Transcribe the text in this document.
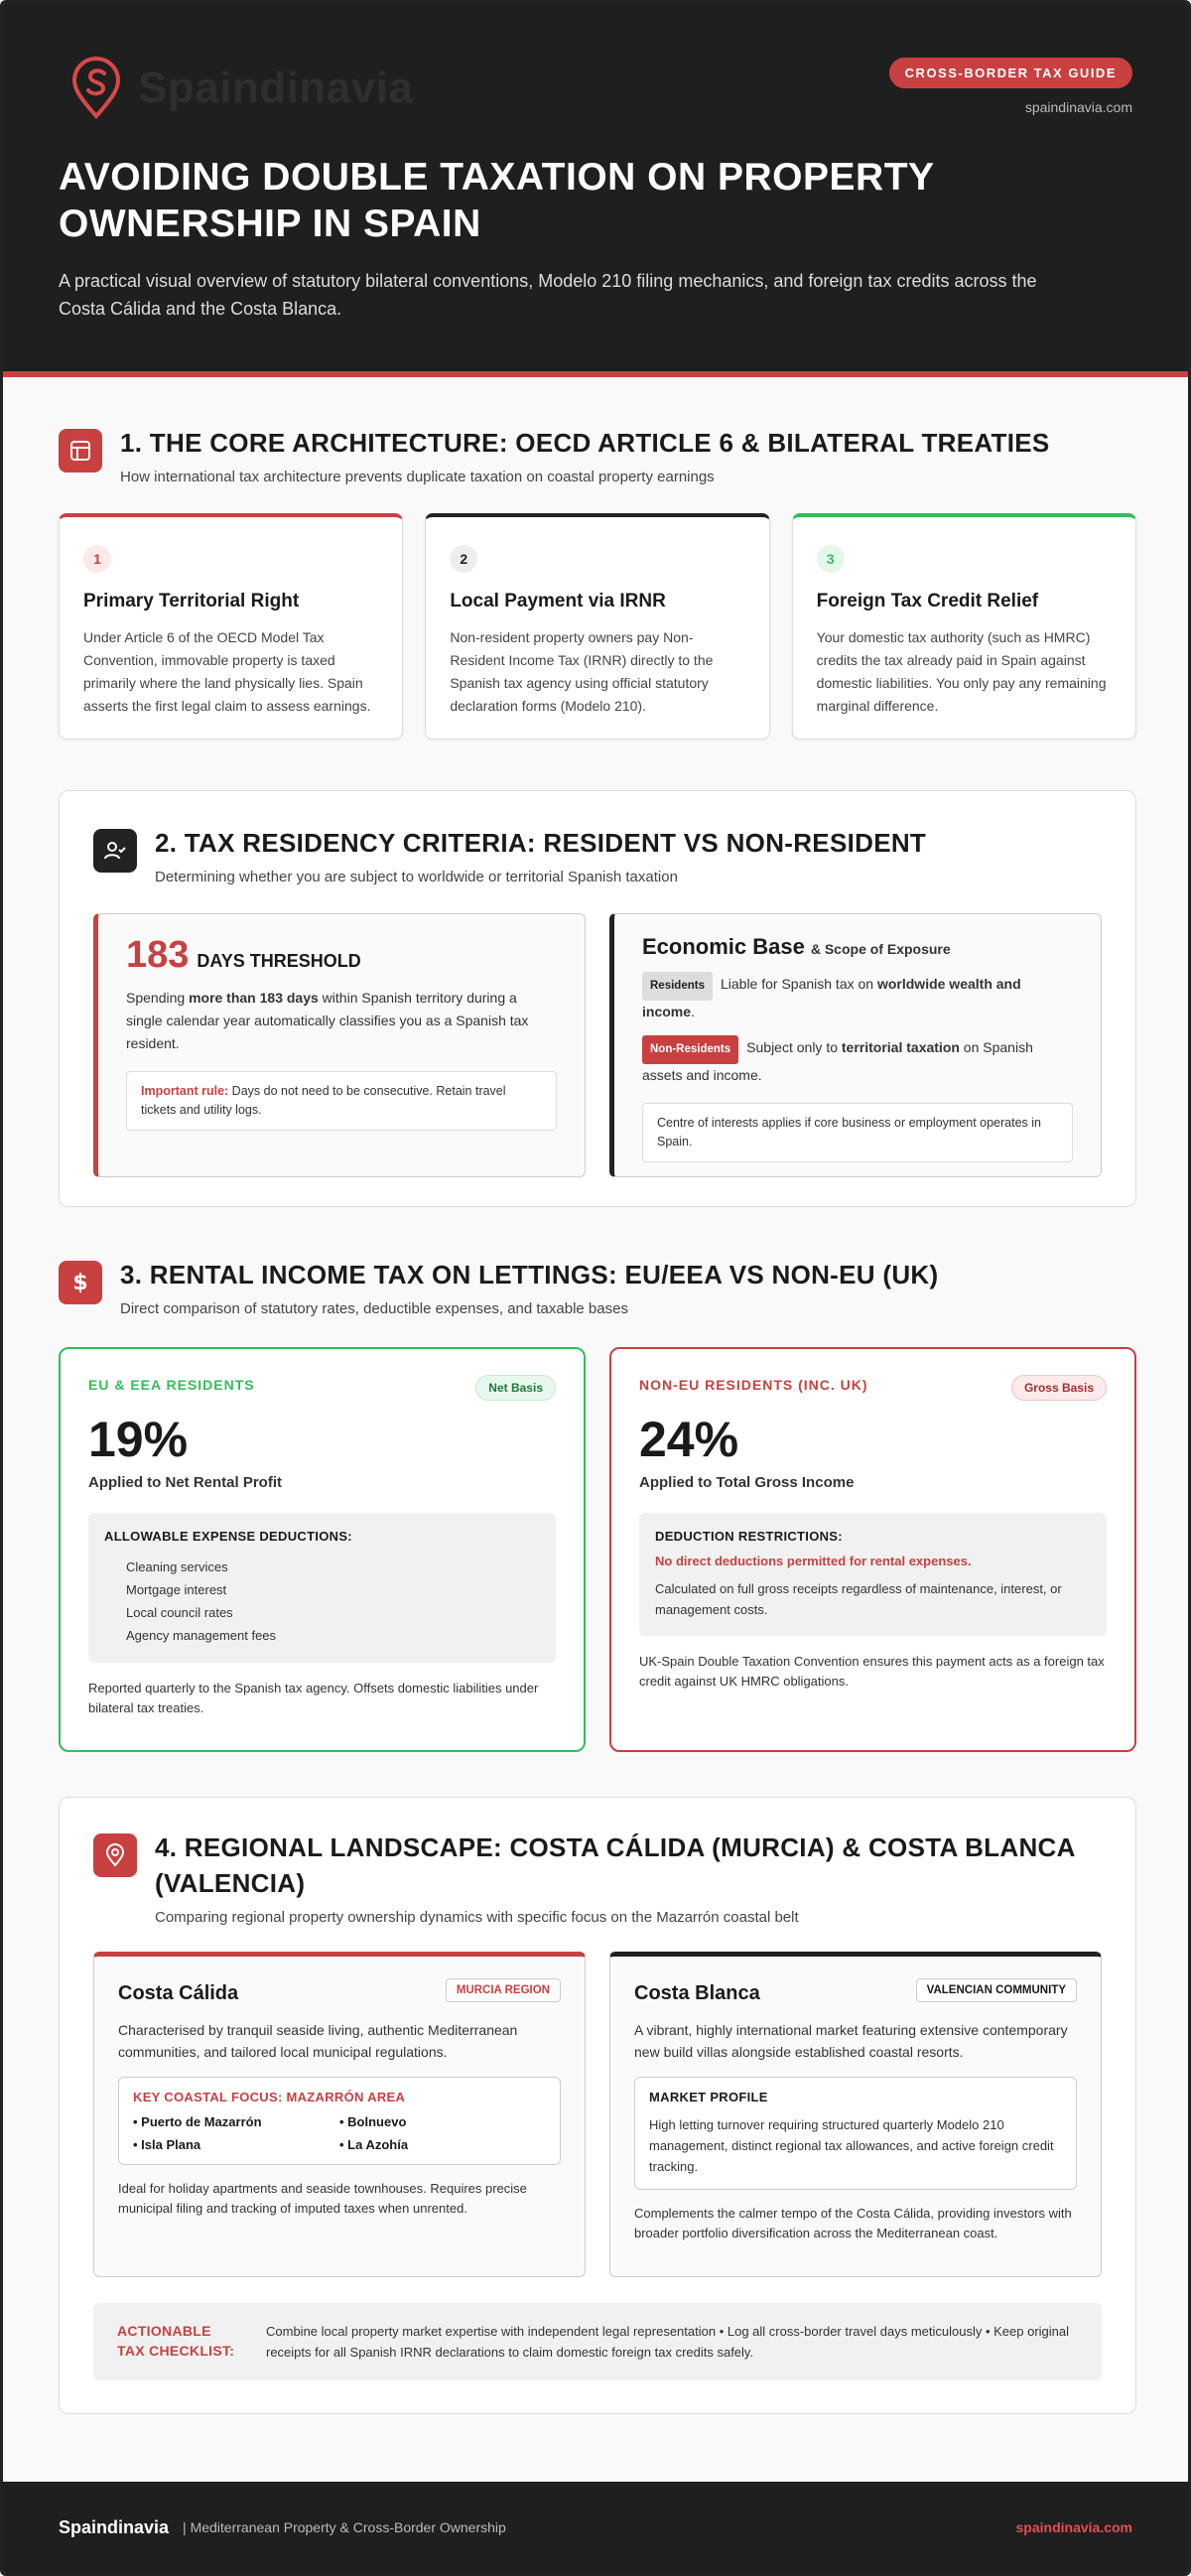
Spaindinavia	CROSS-BORDER TAX GUIDE
spaindinavia.com
AVOIDING DOUBLE TAXATION ON PROPERTY OWNERSHIP IN SPAIN

A practical visual overview of statutory bilateral conventions, Modelo 210 filing mechanics, and foreign tax credits across the Costa Cálida and the Costa Blanca.

1. THE CORE ARCHITECTURE: OECD ARTICLE 6 & BILATERAL TREATIES
How international tax architecture prevents duplicate taxation on coastal property earnings
1
Primary Territorial Right

Under Article 6 of the OECD Model Tax Convention, immovable property is taxed primarily where the land physically lies. Spain asserts the first legal claim to assess earnings.

2
Local Payment via IRNR

Non-resident property owners pay Non-Resident Income Tax (IRNR) directly to the Spanish tax agency using official statutory declaration forms (Modelo 210).

3
Foreign Tax Credit Relief

Your domestic tax authority (such as HMRC) credits the tax already paid in Spain against domestic liabilities. You only pay any remaining marginal difference.

2. TAX RESIDENCY CRITERIA: RESIDENT VS NON-RESIDENT
Determining whether you are subject to worldwide or territorial Spanish taxation
183 DAYS THRESHOLD
Spending more than 183 days within Spanish territory during a single calendar year automatically classifies you as a Spanish tax resident.
Important rule: Days do not need to be consecutive. Retain travel tickets and utility logs.
Economic Base & Scope of Exposure
Residents Liable for Spanish tax on worldwide wealth and income.
Non-Residents Subject only to territorial taxation on Spanish assets and income.
Centre of interests applies if core business or employment operates in Spain.
$ 3. RENTAL INCOME TAX ON LETTINGS: EU/EEA VS NON-EU (UK)
Direct comparison of statutory rates, deductible expenses, and taxable bases
EU & EEA RESIDENTS	Net Basis
19%
Applied to Net Rental Profit
ALLOWABLE EXPENSE DEDUCTIONS:
Cleaning services
Mortgage interest
Local council rates
Agency management fees
Reported quarterly to the Spanish tax agency. Offsets domestic liabilities under bilateral tax treaties.
NON-EU RESIDENTS (INC. UK)	Gross Basis
24%
Applied to Total Gross Income
DEDUCTION RESTRICTIONS:
No direct deductions permitted for rental expenses.
Calculated on full gross receipts regardless of maintenance, interest, or management costs.
UK-Spain Double Taxation Convention ensures this payment acts as a foreign tax credit against UK HMRC obligations.
4. REGIONAL LANDSCAPE: COSTA CÁLIDA (MURCIA) & COSTA BLANCA (VALENCIA)
Comparing regional property ownership dynamics with specific focus on the Mazarrón coastal belt
Costa Cálida	MURCIA REGION
Characterised by tranquil seaside living, authentic Mediterranean communities, and tailored local municipal regulations.
KEY COASTAL FOCUS: MAZARRÓN AREA
• Puerto de Mazarrón	• Bolnuevo
• Isla Plana	• La Azohía
Ideal for holiday apartments and seaside townhouses. Requires precise municipal filing and tracking of imputed taxes when unrented.
Costa Blanca	VALENCIAN COMMUNITY
A vibrant, highly international market featuring extensive contemporary new build villas alongside established coastal resorts.
MARKET PROFILE

High letting turnover requiring structured quarterly Modelo 210 management, distinct regional tax allowances, and active foreign credit tracking.

Complements the calmer tempo of the Costa Cálida, providing investors with broader portfolio diversification across the Mediterranean coast.
ACTIONABLE TAX CHECKLIST:

Combine local property market expertise with independent legal representation • Log all cross-border travel days meticulously • Keep original receipts for all Spanish IRNR declarations to claim domestic foreign tax credits safely.

Spaindinavia | Mediterranean Property & Cross-Border Ownership	spaindinavia.com
